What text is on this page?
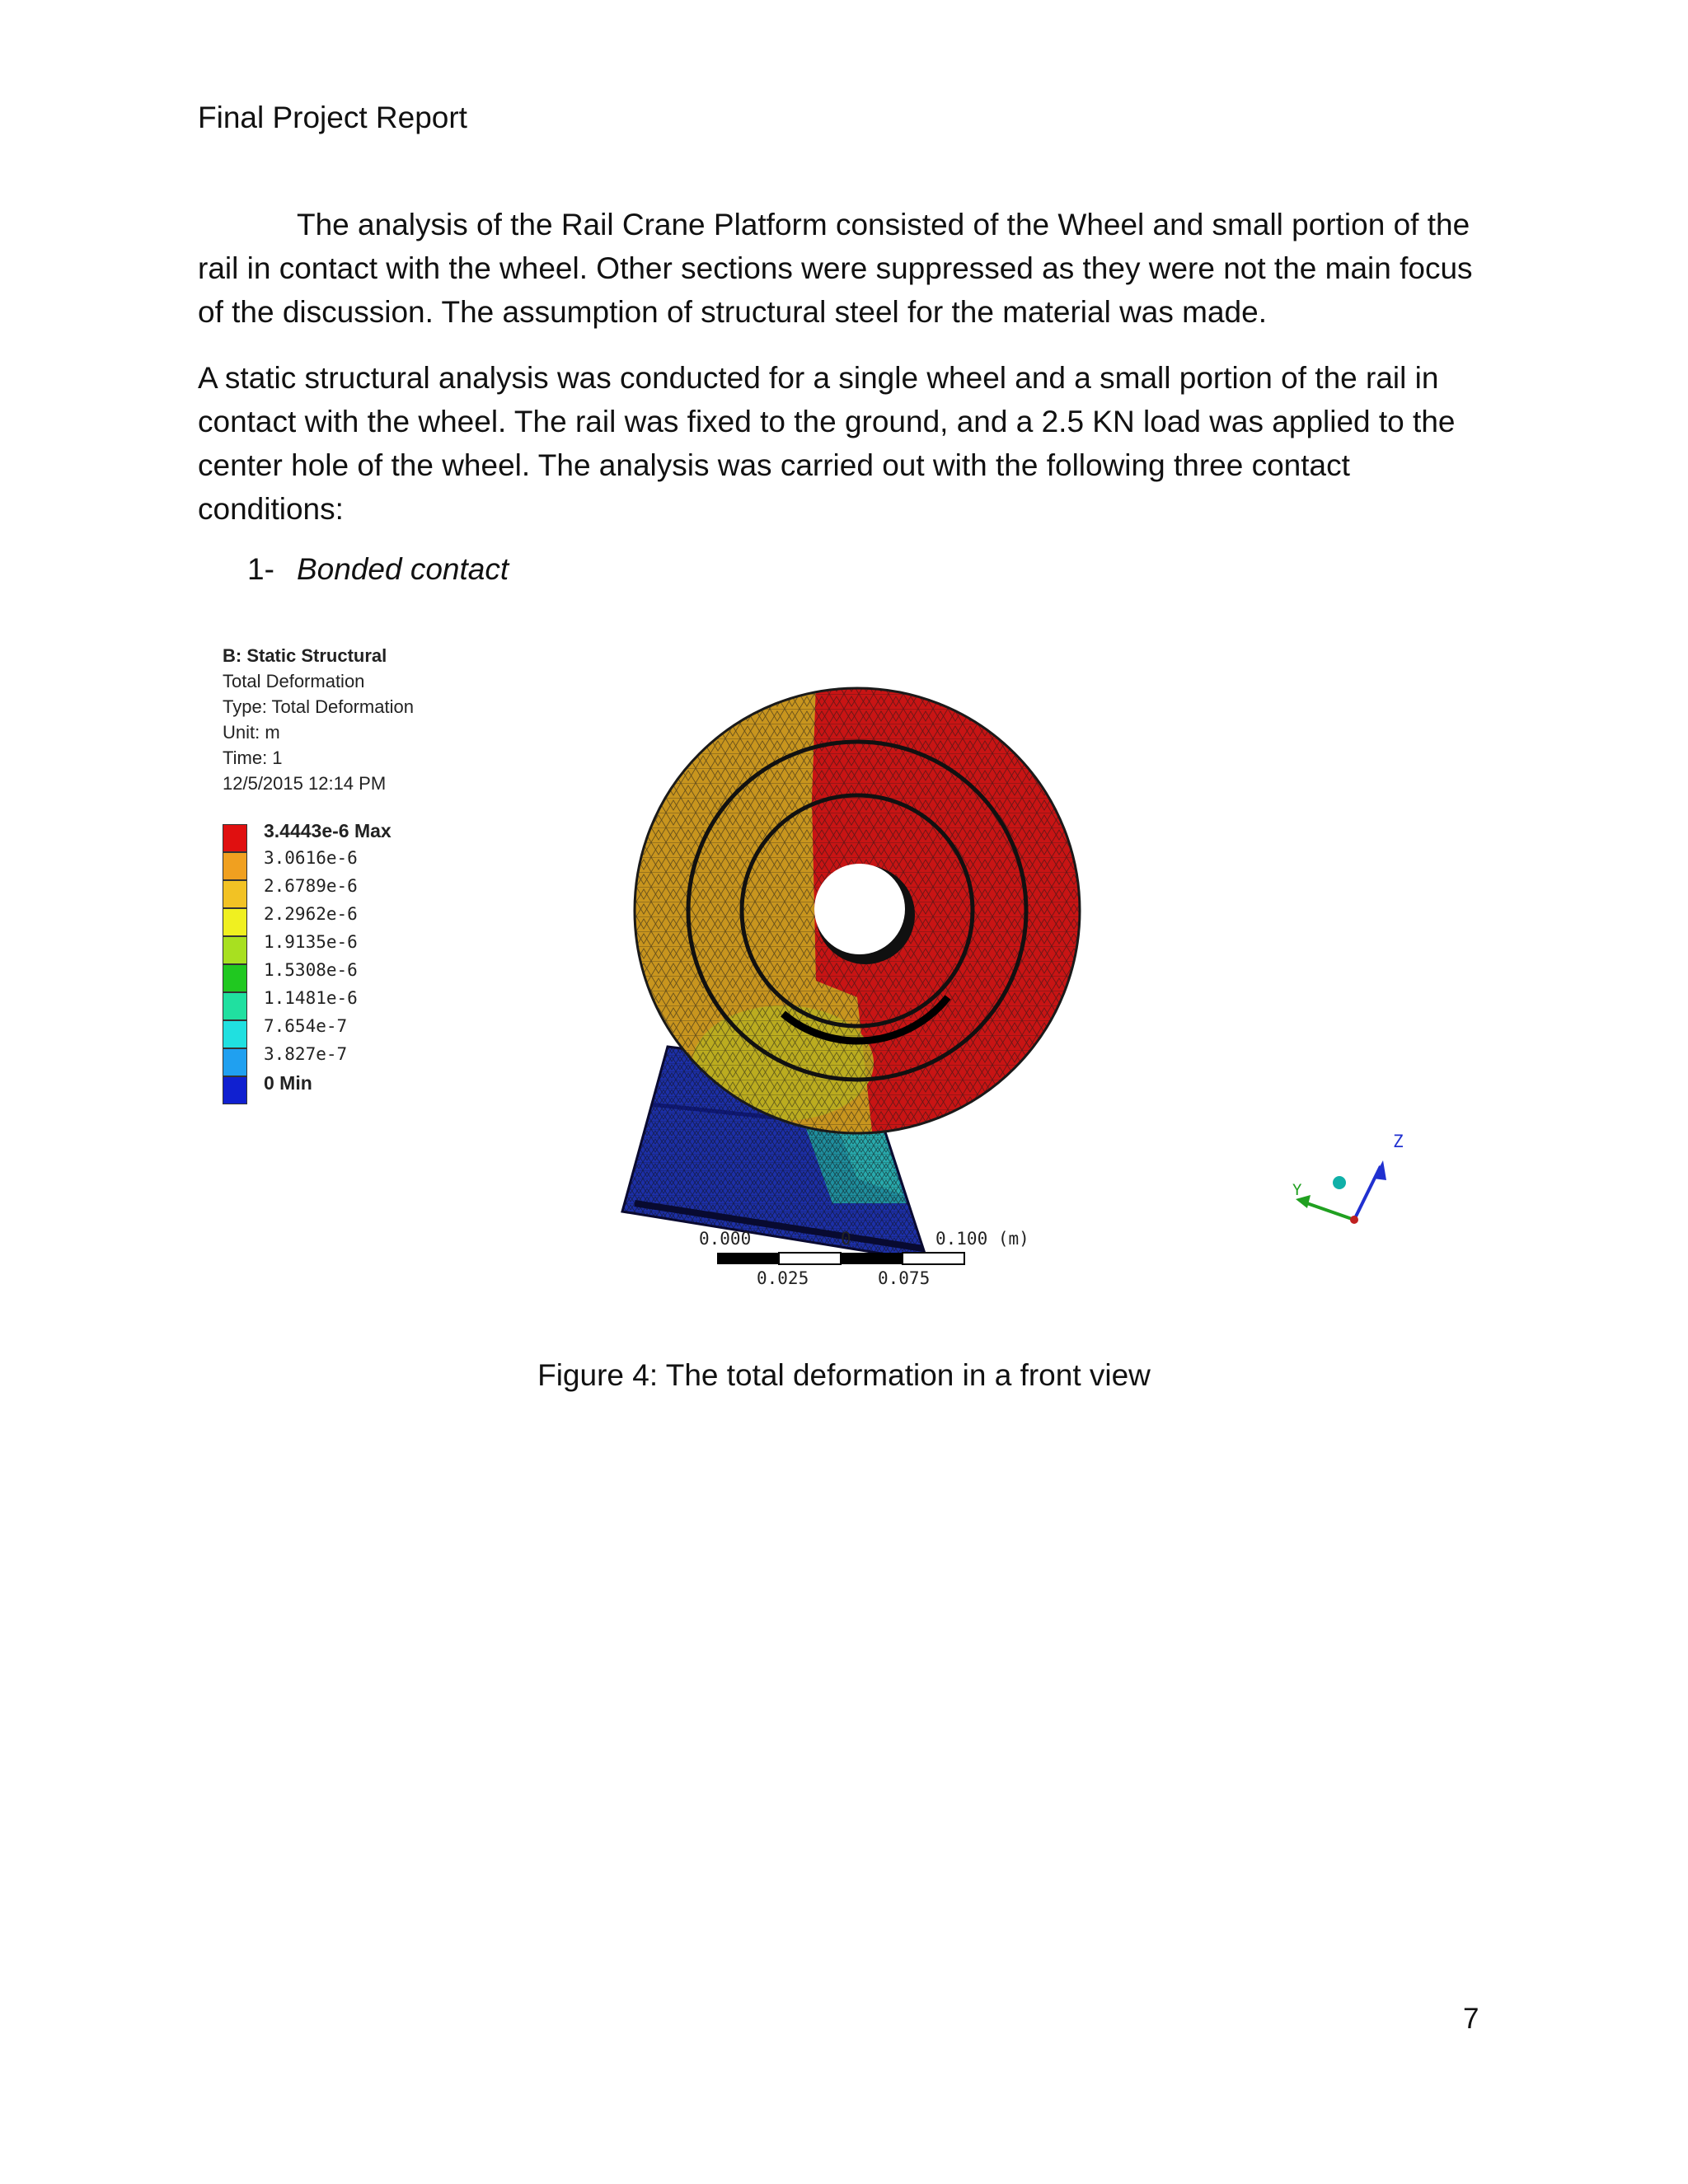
Final Project Report

The analysis of the Rail Crane Platform consisted of the Wheel and small portion of the rail in contact with the wheel. Other sections were suppressed as they were not the main focus of the discussion. The assumption of structural steel for the material was made.

A static structural analysis was conducted for a single wheel and a small portion of the rail in contact with the wheel. The rail was fixed to the ground, and a 2.5 KN load was applied to the center hole of the wheel. The analysis was carried out with the following three contact conditions:

1- Bonded contact
B: Static Structural
Total Deformation
Type: Total Deformation
Unit: m
Time: 1
12/5/2015 12:14 PM
3.4443e-6 Max
3.0616e-6
2.6789e-6
2.2962e-6
1.9135e-6
1.5308e-6
1.1481e-6
7.654e-7
3.827e-7
0 Min
0.000	0	0.100 (m)
0.025	0.075
Z
Y
Figure 4: The total deformation in a front view
7
